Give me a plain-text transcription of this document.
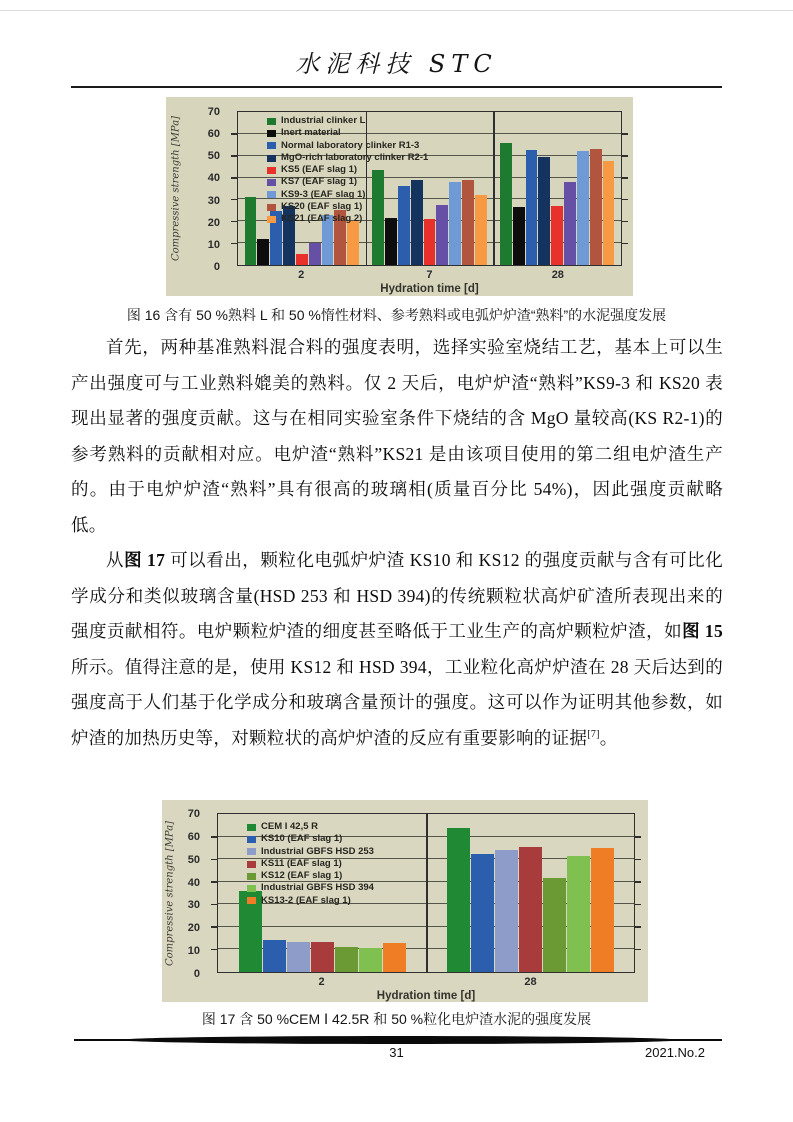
水泥科技 STC
Compressive strength [MPa]
0
10
20
30
40
50
60
70
Industrial clinker L
Inert material
Normal laboratory clinker R1-3
MgO-rich laboratory clinker R2-1
KS5 (EAF slag 1)
KS7 (EAF slag 1)
KS9-3 (EAF slag 1)
KS20 (EAF slag 1)
KS21 (EAF slag 2)
2	7	28
Hydration time [d]
图 16 含有 50 %熟料 L 和 50 %惰性材料、参考熟料或电弧炉炉渣“熟料”的水泥强度发展

首先，两种基准熟料混合料的强度表明，选择实验室烧结工艺，基本上可以生产出强度可与工业熟料媲美的熟料。仅 2 天后，电炉炉渣“熟料”KS9-3 和 KS20 表现出显著的强度贡献。这与在相同实验室条件下烧结的含 MgO 量较高(KS R2-1)的参考熟料的贡献相对应。电炉渣“熟料”KS21 是由该项目使用的第二组电炉渣生产的。由于电炉炉渣“熟料”具有很高的玻璃相(质量百分比 54%)，因此强度贡献略低。

从图 17 可以看出，颗粒化电弧炉炉渣 KS10 和 KS12 的强度贡献与含有可比化学成分和类似玻璃含量(HSD 253 和 HSD 394)的传统颗粒状高炉矿渣所表现出来的强度贡献相符。电炉颗粒炉渣的细度甚至略低于工业生产的高炉颗粒炉渣，如图 15 所示。值得注意的是，使用 KS12 和 HSD 394，工业粒化高炉炉渣在 28 天后达到的强度高于人们基于化学成分和玻璃含量预计的强度。这可以作为证明其他参数，如炉渣的加热历史等，对颗粒状的高炉炉渣的反应有重要影响的证据[7]。

Compressive strength [MPa]
0
10
20
30
40
50
60
70
CEM I 42,5 R
KS10 (EAF slag 1)
Industrial GBFS HSD 253
KS11 (EAF slag 1)
KS12 (EAF slag 1)
Industrial GBFS HSD 394
KS13-2 (EAF slag 1)
2	28
Hydration time [d]
图 17 含 50 %CEM Ⅰ 42.5R 和 50 %粒化电炉渣水泥的强度发展
31	2021.No.2
